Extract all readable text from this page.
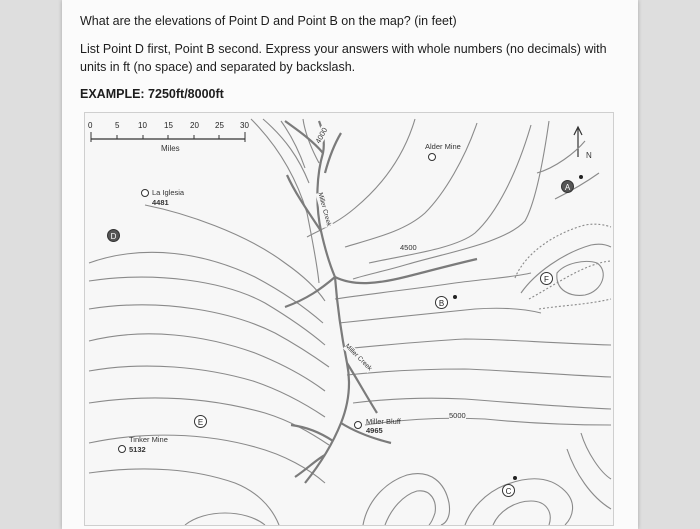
What are the elevations of Point D and Point B on the map? (in feet)
List Point D first, Point B second. Express your answers with whole numbers (no decimals) with units in ft (no space) and separated by backslash.
EXAMPLE: 7250ft/8000ft
0	5 10 15 20 25 30
Miles
N
4000
4500
5000
Miller Creek
Miller Creek
La Iglesia
4481
Alder Mine
Miller Bluff
4965
Tinker Mine
5132
A
B
C
D
E
F
